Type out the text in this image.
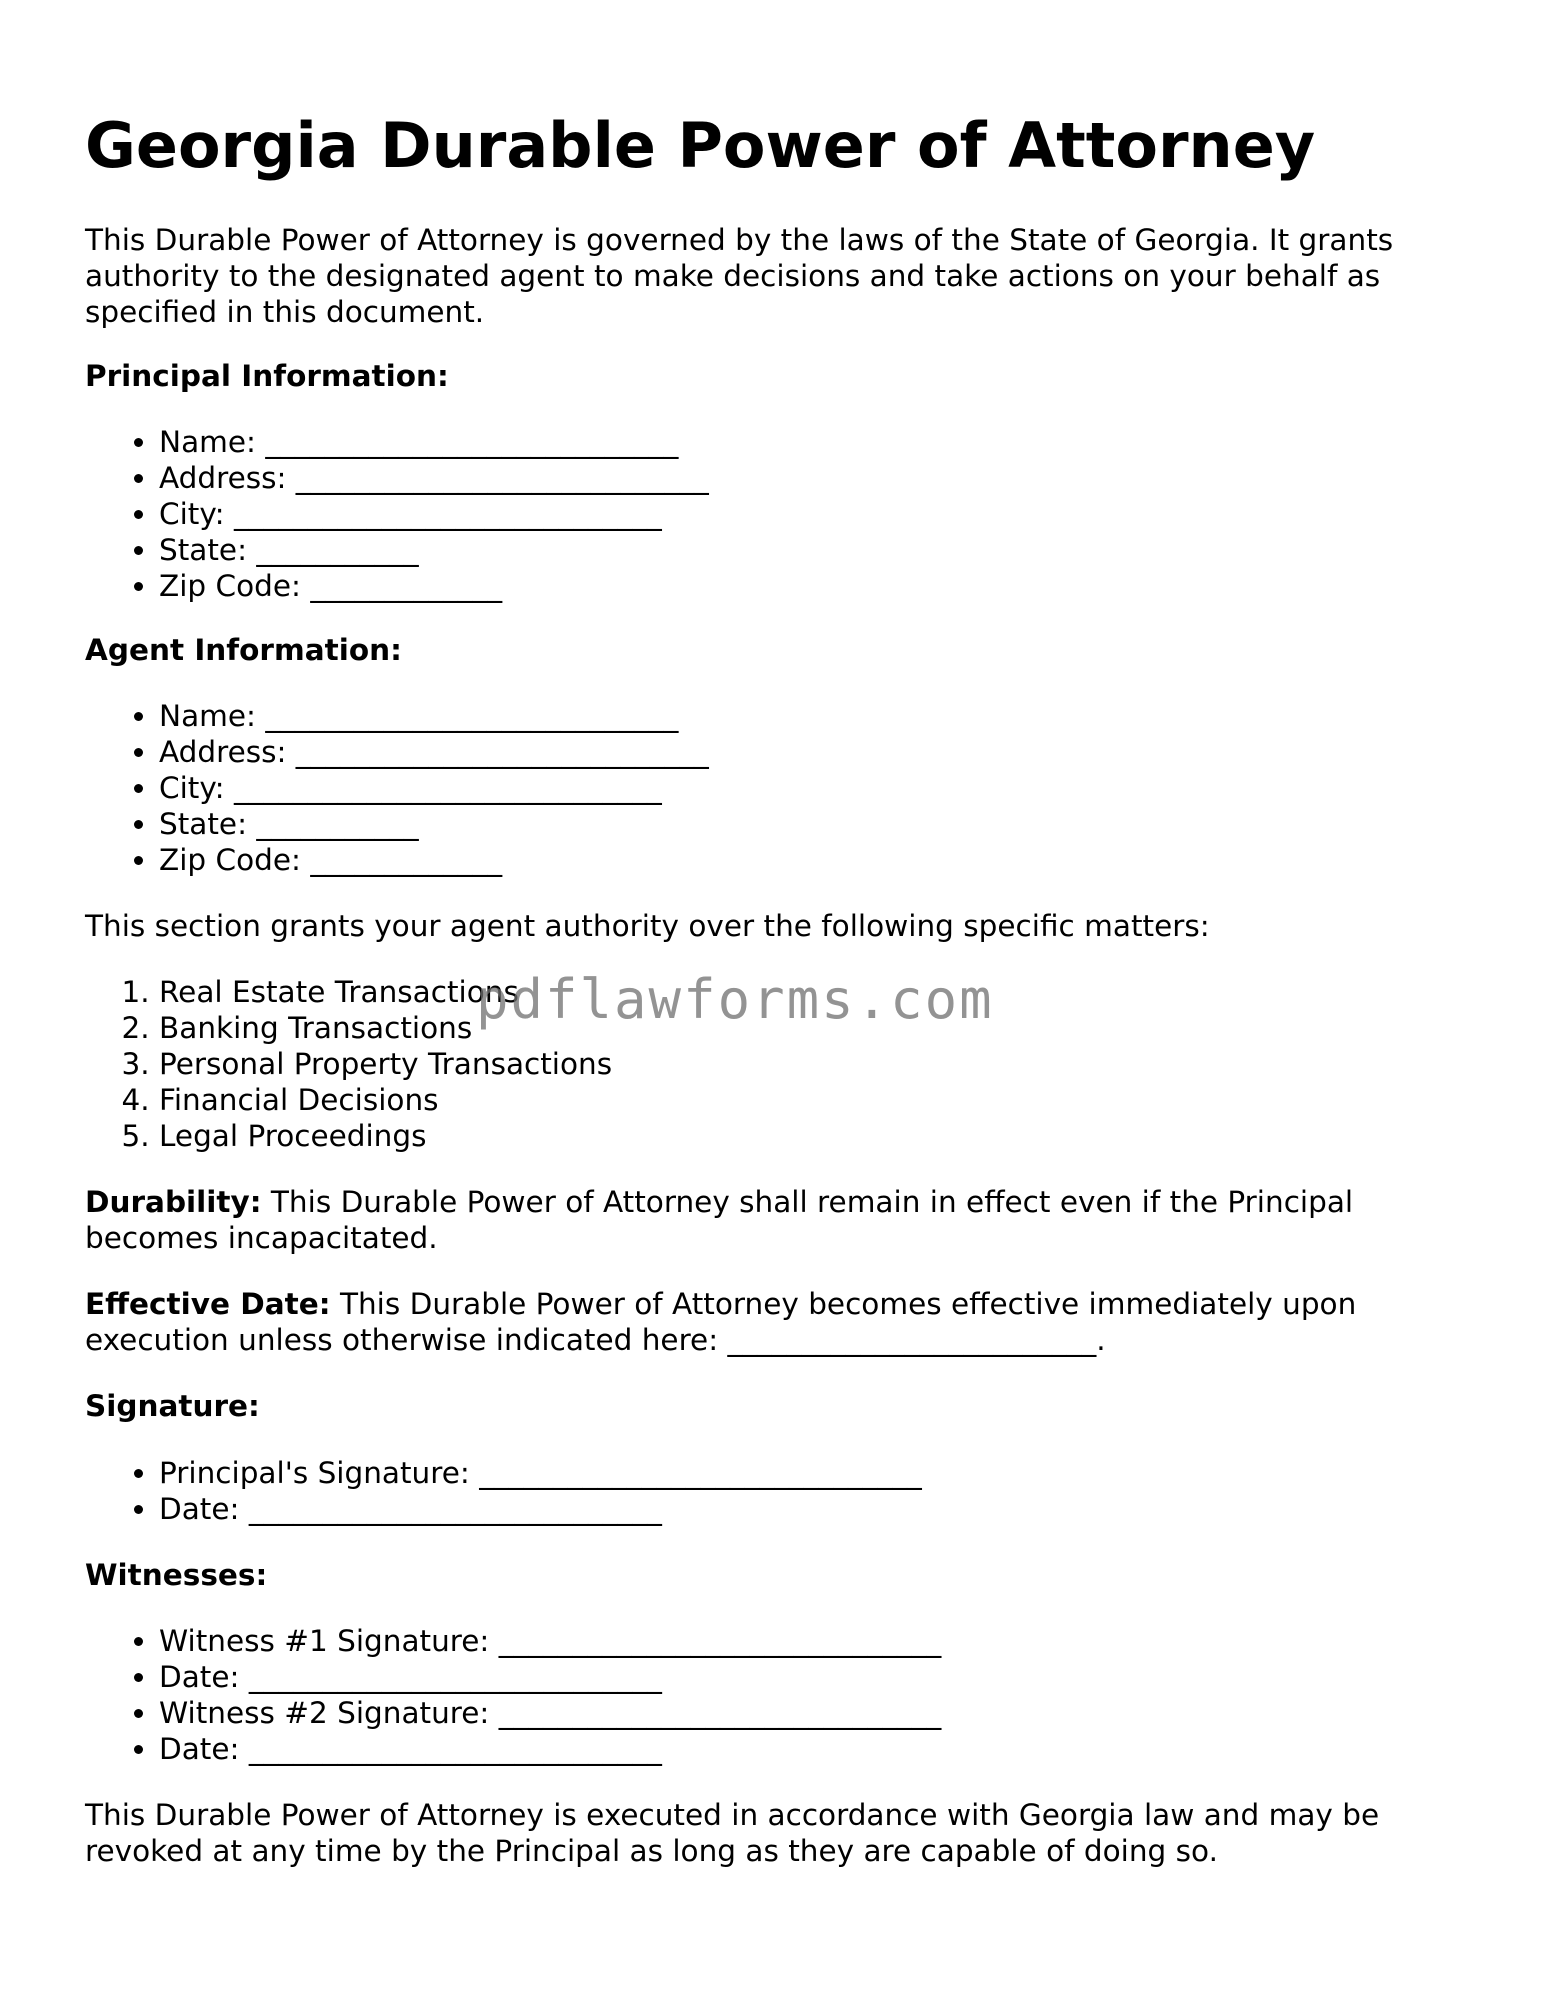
Georgia Durable Power of Attorney

This Durable Power of Attorney is governed by the laws of the State of Georgia. It grants authority to the designated agent to make decisions and take actions on your behalf as specified in this document.

Principal Information:
• Name: ____________________________
• Address: ____________________________
• City: _____________________________
• State: ___________
• Zip Code: _____________
Agent Information:
• Name: ____________________________
• Address: ____________________________
• City: _____________________________
• State: ___________
• Zip Code: _____________
This section grants your agent authority over the following specific matters:
1. Real Estate Transactions
2. Banking Transactions
3. Personal Property Transactions
4. Financial Decisions
5. Legal Proceedings

Durability: This Durable Power of Attorney shall remain in effect even if the Principal becomes incapacitated.

Effective Date: This Durable Power of Attorney becomes effective immediately upon execution unless otherwise indicated here: _________________________.

Signature:
• Principal's Signature: ______________________________
• Date: ____________________________
Witnesses:
• Witness #1 Signature: ______________________________
• Date: ____________________________
• Witness #2 Signature: ______________________________
• Date: ____________________________

This Durable Power of Attorney is executed in accordance with Georgia law and may be revoked at any time by the Principal as long as they are capable of doing so.

pdflawforms.com
